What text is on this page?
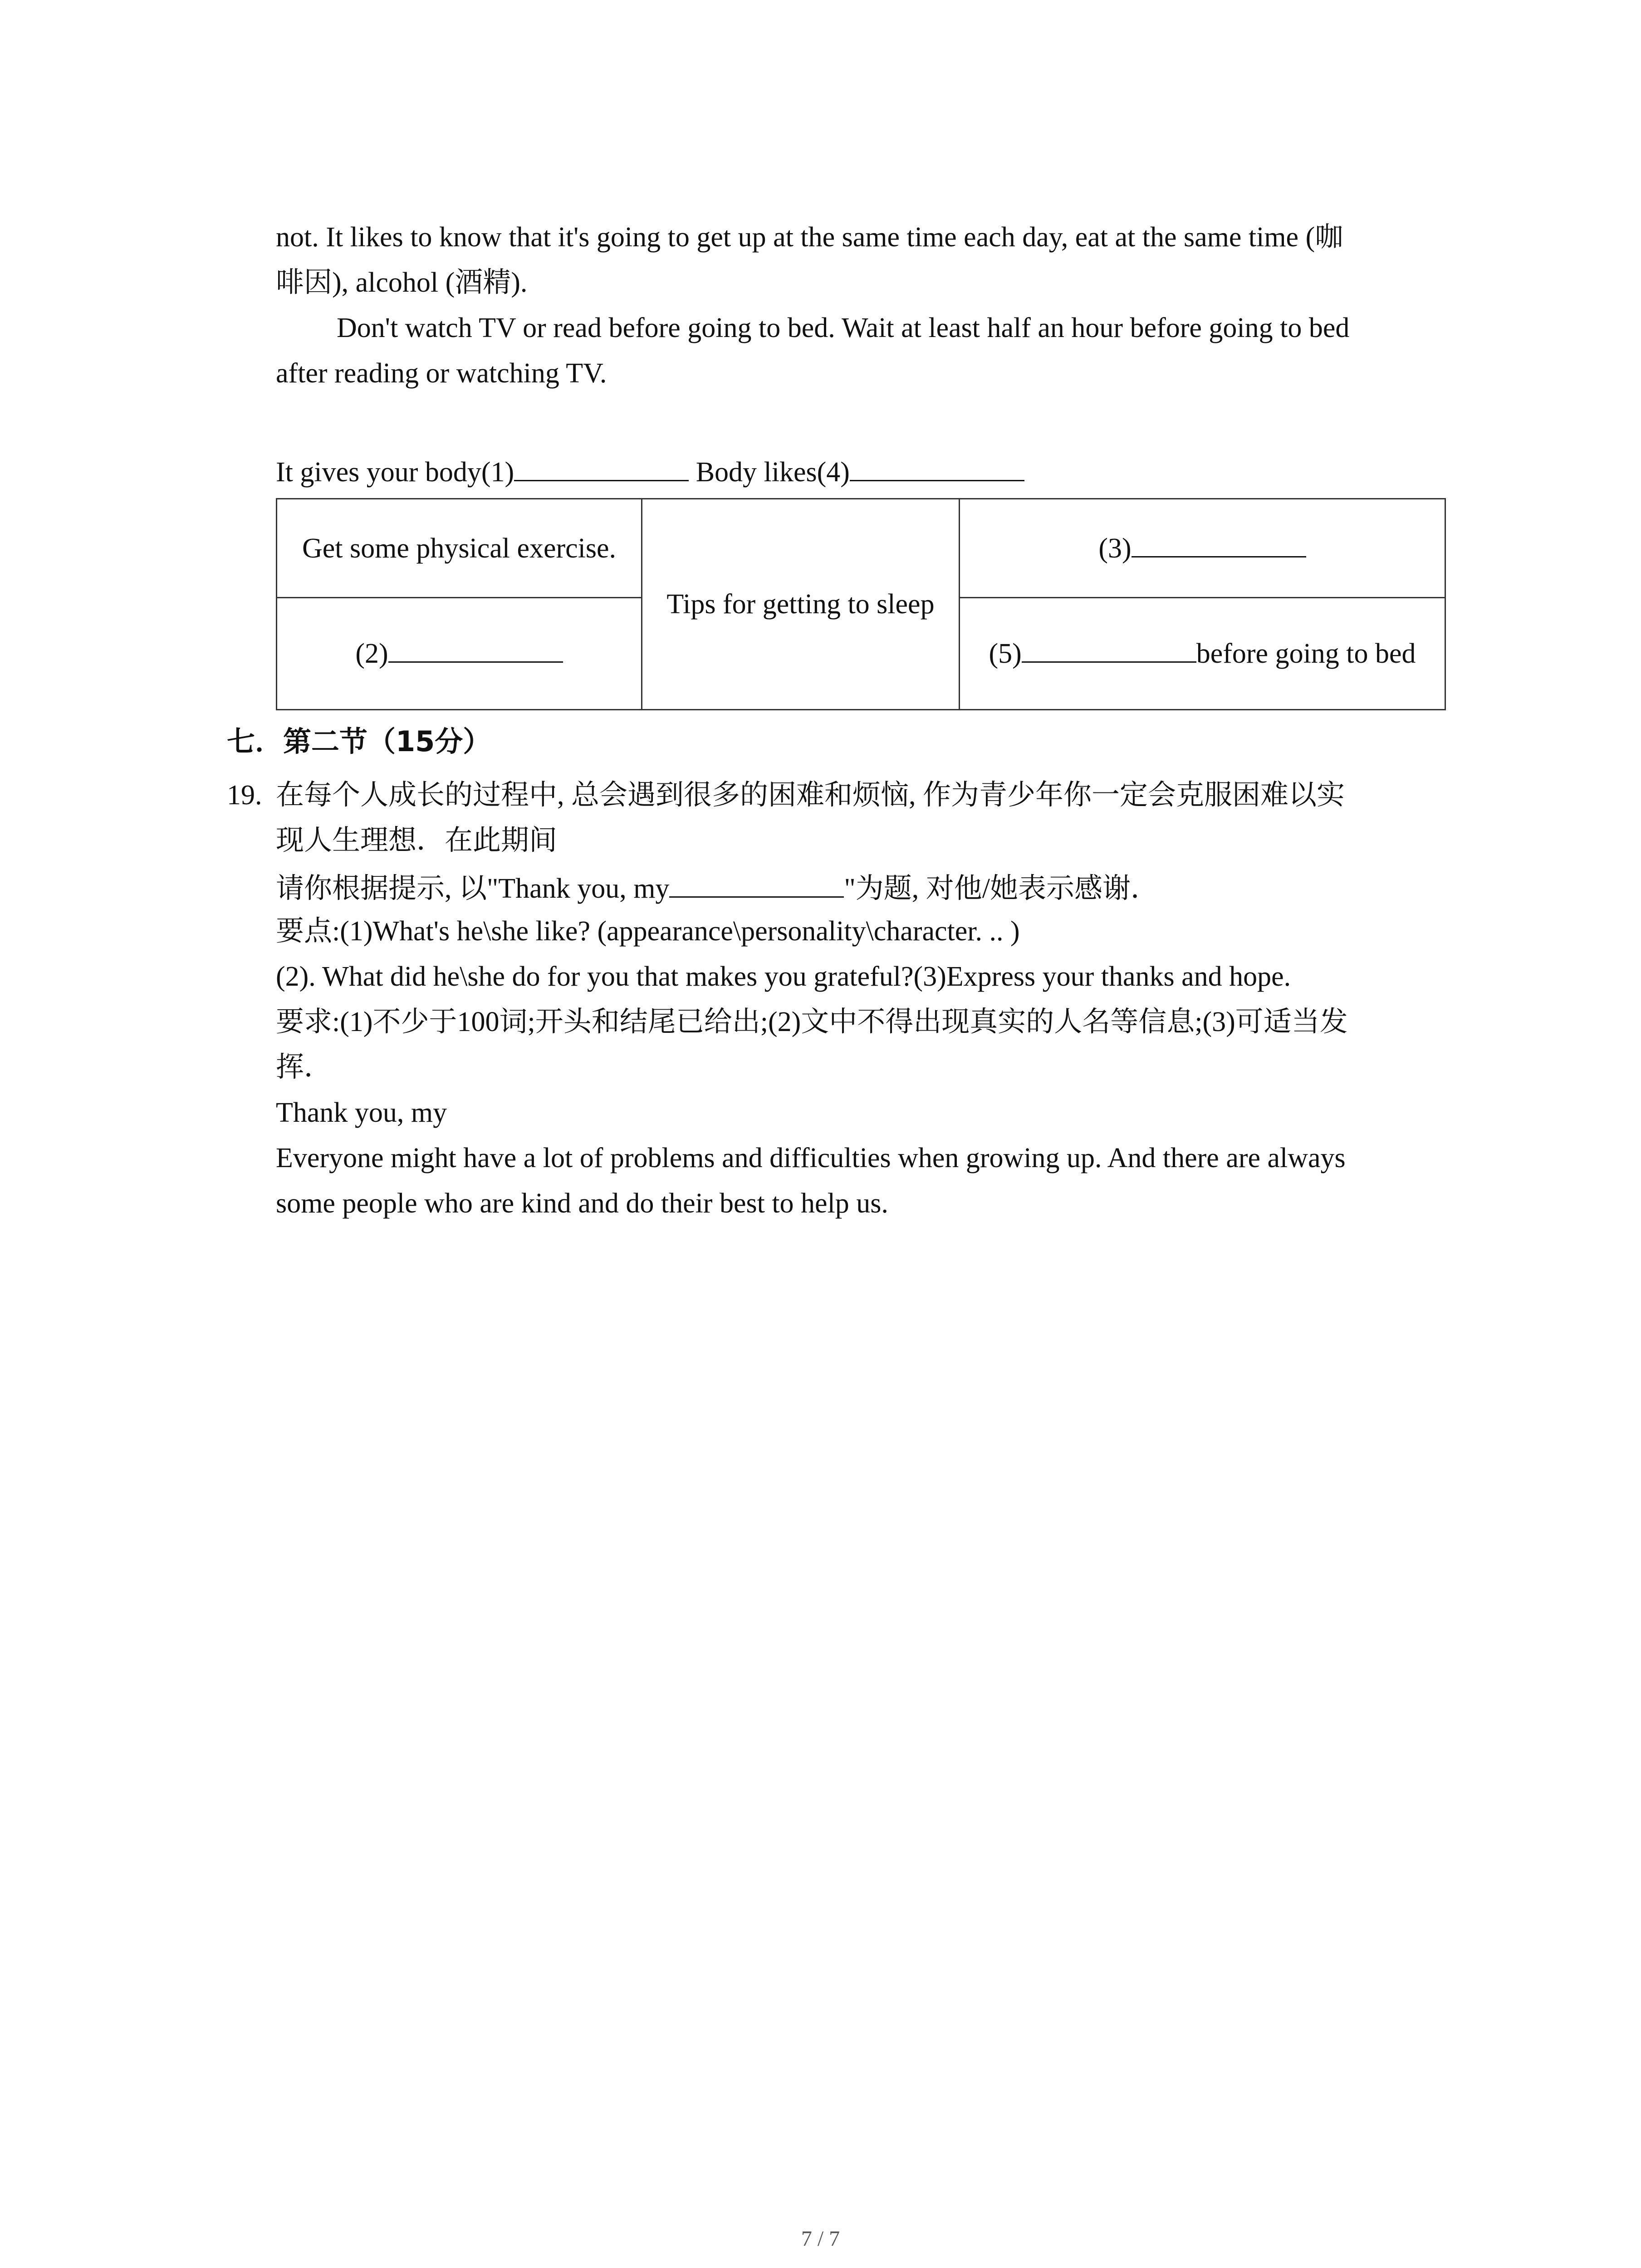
not. It likes to know that it's going to get up at the same time each day, eat at the same time (咖
啡因), alcohol (酒精).
Don't watch TV or read before going to bed. Wait at least half an hour before going to bed
after reading or watching TV.
It gives your body(1)	Body likes(4)
Get some physical exercise.	Tips for getting to sleep	(3)
(2)		(5) before going to bed
七．第二节（15分）
19. 在每个人成长的过程中, 总会遇到很多的困难和烦恼, 作为青少年你一定会克服困难以实
现人生理想．在此期间
请你根据提示, 以"Thank you, my	"为题, 对他/她表示感谢．
要点:(1)What's he\she like? (appearance\personality\character. .. )
(2). What did he\she do for you that makes you grateful?(3)Express your thanks and hope.
要求:(1)不少于100词;开头和结尾已给出;(2)文中不得出现真实的人名等信息;(3)可适当发
挥．
Thank you, my
Everyone might have a lot of problems and difficulties when growing up. And there are always
some people who are kind and do their best to help us.
7 / 7
